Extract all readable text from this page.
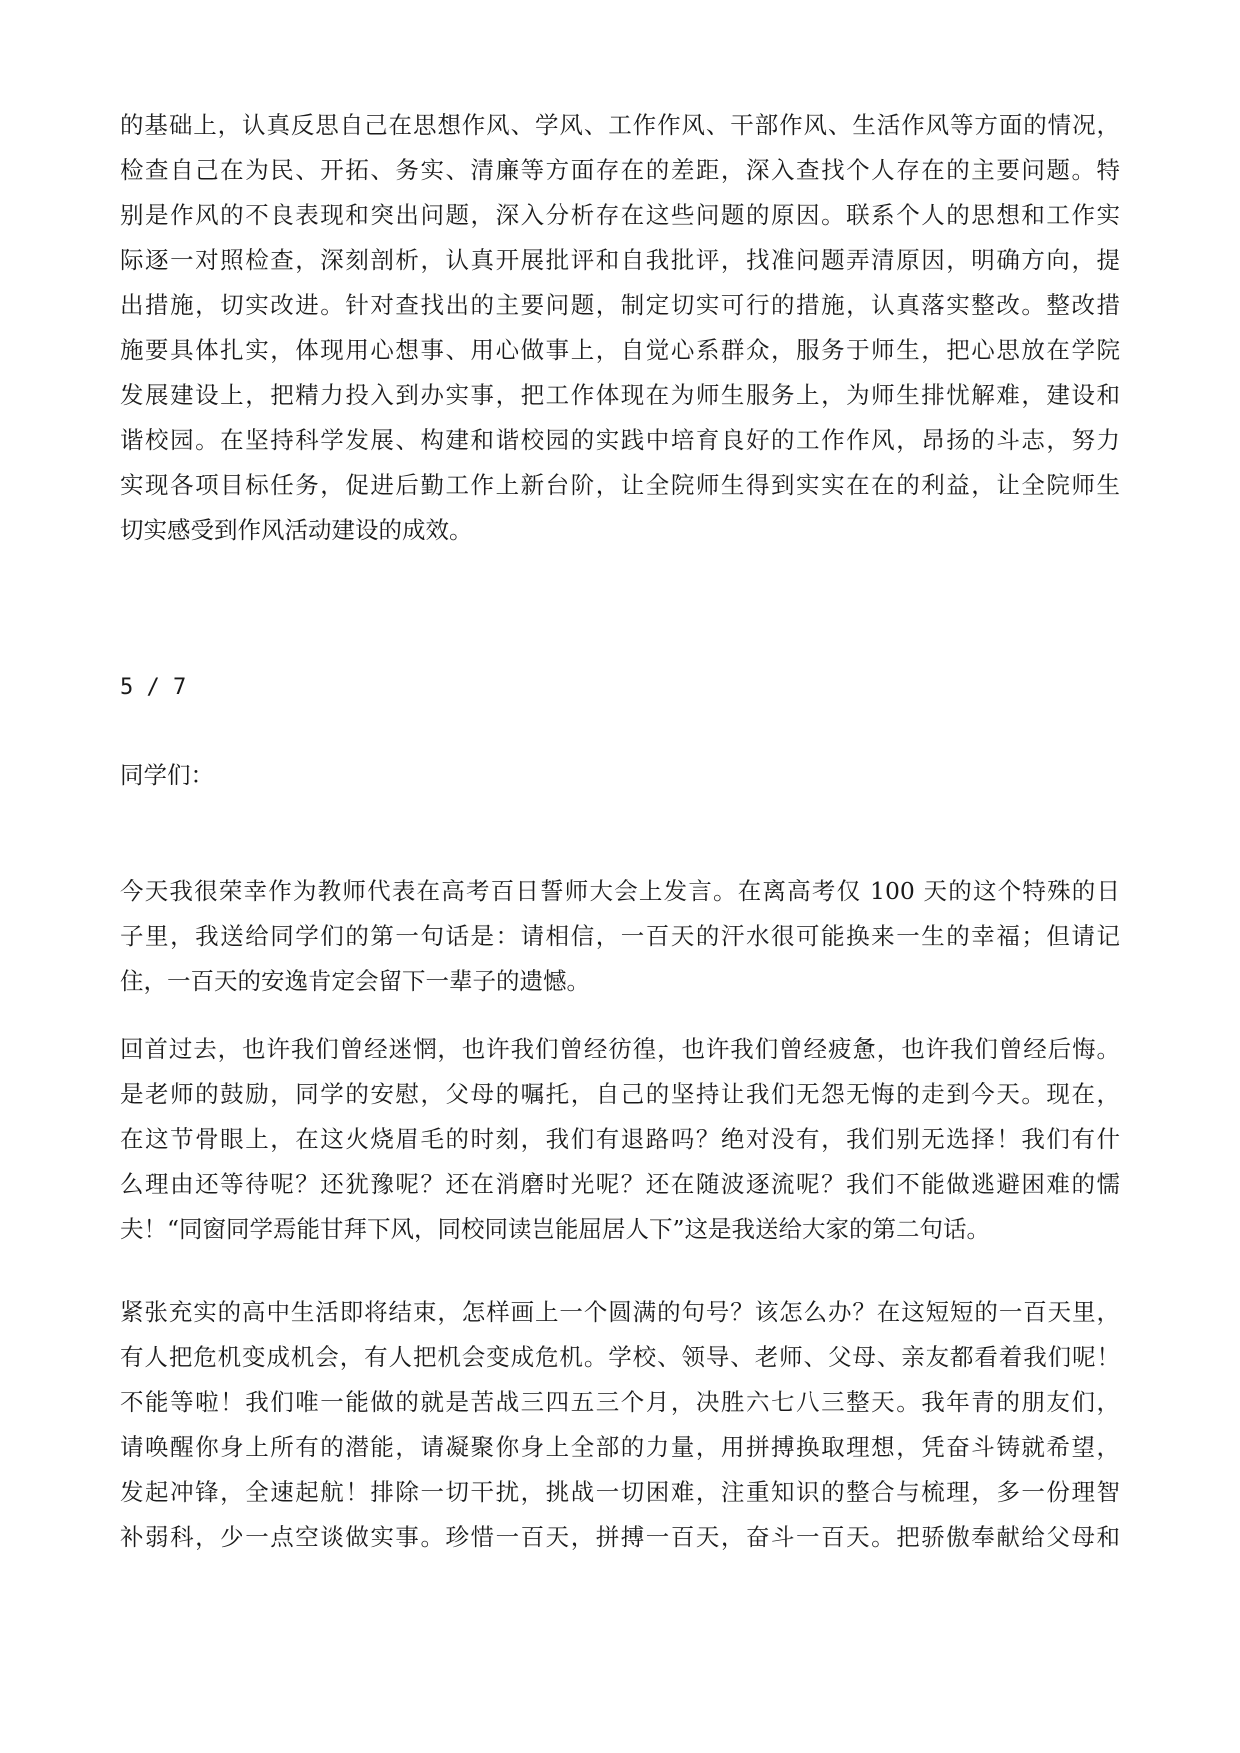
的基础上，认真反思自己在思想作风、学风、工作作风、干部作风、生活作风等方面的情况，
检查自己在为民、开拓、务实、清廉等方面存在的差距，深入查找个人存在的主要问题。特
别是作风的不良表现和突出问题，深入分析存在这些问题的原因。联系个人的思想和工作实
际逐一对照检查，深刻剖析，认真开展批评和自我批评，找准问题弄清原因，明确方向，提
出措施，切实改进。针对查找出的主要问题，制定切实可行的措施，认真落实整改。整改措
施要具体扎实，体现用心想事、用心做事上，自觉心系群众，服务于师生，把心思放在学院
发展建设上，把精力投入到办实事，把工作体现在为师生服务上，为师生排忧解难，建设和
谐校园。在坚持科学发展、构建和谐校园的实践中培育良好的工作作风，昂扬的斗志，努力
实现各项目标任务，促进后勤工作上新台阶，让全院师生得到实实在在的利益，让全院师生
切实感受到作风活动建设的成效。
5 / 7
同学们：
今天我很荣幸作为教师代表在高考百日誓师大会上发言。在离高考仅 100 天的这个特殊的日
子里，我送给同学们的第一句话是：请相信，一百天的汗水很可能换来一生的幸福；但请记
住，一百天的安逸肯定会留下一辈子的遗憾。
回首过去，也许我们曾经迷惘，也许我们曾经彷徨，也许我们曾经疲惫，也许我们曾经后悔。
是老师的鼓励，同学的安慰，父母的嘱托，自己的坚持让我们无怨无悔的走到今天。现在，
在这节骨眼上，在这火烧眉毛的时刻，我们有退路吗？绝对没有，我们别无选择！我们有什
么理由还等待呢？还犹豫呢？还在消磨时光呢？还在随波逐流呢？我们不能做逃避困难的懦
夫！“同窗同学焉能甘拜下风，同校同读岂能屈居人下”这是我送给大家的第二句话。
紧张充实的高中生活即将结束，怎样画上一个圆满的句号？该怎么办？在这短短的一百天里，
有人把危机变成机会，有人把机会变成危机。学校、领导、老师、父母、亲友都看着我们呢！
不能等啦！我们唯一能做的就是苦战三四五三个月，决胜六七八三整天。我年青的朋友们，
请唤醒你身上所有的潜能，请凝聚你身上全部的力量，用拼搏换取理想，凭奋斗铸就希望，
发起冲锋，全速起航！排除一切干扰，挑战一切困难，注重知识的整合与梳理，多一份理智
补弱科，少一点空谈做实事。珍惜一百天，拼搏一百天，奋斗一百天。把骄傲奉献给父母和
